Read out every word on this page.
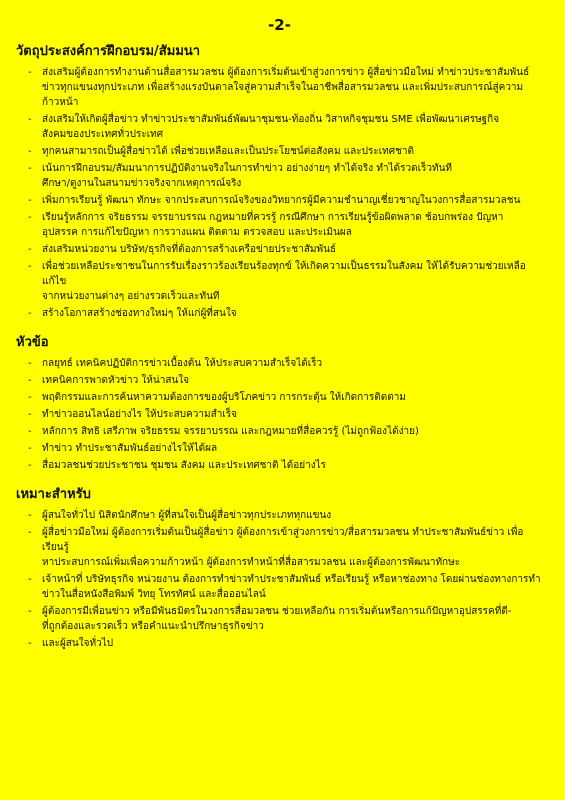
-2-
วัตถุประสงค์การฝึกอบรม/สัมมนา
- ส่งเสริมผู้ต้องการทำงานด้านสื่อสารมวลชน ผู้ต้องการเริ่มต้นเข้าสู่วงการข่าว ผู้สื่อข่าวมือใหม่ ทำข่าวประชาสัมพันธ์
ข่าวทุกแขนงทุกประเภท เพื่อสร้างแรงบันดาลใจสู่ความสำเร็จในอาชีพสื่อสารมวลชน และเพิ่มประสบการณ์สู่ความก้าวหน้า
- ส่งเสริมให้เกิดผู้สื่อข่าว ทำข่าวประชาสัมพันธ์พัฒนาชุมชน-ท้องถิ่น วิสาหกิจชุมชน SME เพื่อพัฒนาเศรษฐกิจ
สังคมของประเทศทั่วประเทศ
- ทุกคนสามารถเป็นผู้สื่อข่าวได้ เพื่อช่วยเหลือและเป็นประโยชน์ต่อสังคม และประเทศชาติ
- เน้นการฝึกอบรม/สัมมนาการปฏิบัติงานจริงในการทำข่าว อย่างง่ายๆ ทำได้จริง ทำได้รวดเร็วทันที
ศึกษา/ดูงานในสนามข่าวจริงจากเหตุการณ์จริง
- เพิ่มการเรียนรู้ พัฒนา ทักษะ จากประสบการณ์จริงของวิทยากรผู้มีความชำนาญเชี่ยวชาญในวงการสื่อสารมวลชน
- เรียนรู้หลักการ จริยธรรม จรรยาบรรณ กฎหมายที่ควรรู้ กรณีศึกษา การเรียนรู้ข้อผิดพลาด ช้อบกพร่อง ปัญหา
อุปสรรค การแก้ไขปัญหา การวางแผน ติดตาม ตรวจสอบ และประเมินผล
- ส่งเสริมหน่วยงาน บริษัท/ธุรกิจที่ต้องการสร้างเครือข่ายประชาสัมพันธ์
- เพื่อช่วยเหลือประชาชนในการรับเรื่องราวร้องเรียนร้องทุกข์ ให้เกิดความเป็นธรรมในสังคม ให้ได้รับความช่วยเหลือแก้ไข
จากหน่วยงานต่างๆ อย่างรวดเร็วและทันที
- สร้างโอกาสสร้างช่องทางใหม่ๆ ให้แก่ผู้ที่สนใจ
หัวข้อ
- กลยุทธ์ เทคนิคปฏิบัติการข่าวเบื้องต้น ให้ประสบความสำเร็จได้เร็ว
- เทคนิคการพาดหัวข่าว ให้น่าสนใจ
- พฤติกรรมและการค้นหาความต้องการของผู้บริโภคข่าว การกระตุ้น ให้เกิดการติดตาม
- ทำข่าวออนไลน์อย่างไร ให้ประสบความสำเร็จ
- หลักการ สิทธิ เสรีภาพ จริยธรรม จรรยาบรรณ และกฎหมายที่สื่อควรรู้ (ไม่ถูกฟ้องได้ง่าย)
- ทำข่าว ทำประชาสัมพันธ์อย่างไรให้ได้ผล
- สื่อมวลชนช่วยประชาชน ชุมชน สังคม และประเทศชาติ ได้อย่างไร
เหมาะสำหรับ
- ผู้สนใจทั่วไป นิสิตนักศึกษา ผู้ที่สนใจเป็นผู้สื่อข่าวทุกประเภททุกแขนง
- ผู้สื่อข่าวมือใหม่ ผู้ต้องการเริ่มต้นเป็นผู้สื่อข่าว ผู้ต้องการเข้าสู่วงการข่าว/สื่อสารมวลชน ทำประชาสัมพันธ์ข่าว เพื่อเรียนรู้
หาประสบการณ์เพิ่มเพื่อความก้าวหน้า ผู้ต้องการทำหน้าที่สื่อสารมวลชน และผู้ต้องการพัฒนาทักษะ
- เจ้าหน้าที่ บริษัทธุรกิจ หน่วยงาน ต้องการทำข่าวทำประชาสัมพันธ์ หรือเรียนรู้ หรือหาช่องทาง โดยผ่านช่องทางการทำ
ข่าวในสื่อหนังสือพิมพ์ วิทยุ โทรทัศน์ และสื่อออนไลน์
- ผู้ต้องการมีเพื่อนข่าว หรือมีพันธมิตรในวงการสื่อมวลชน ช่วยเหลือกัน การเริ่มต้นหรือการแก้ปัญหาอุปสรรคที่ดี-
ที่ถูกต้องและรวดเร็ว หรือคำแนะนำปรึกษาธุรกิจข่าว
- และผู้สนใจทั่วไป
